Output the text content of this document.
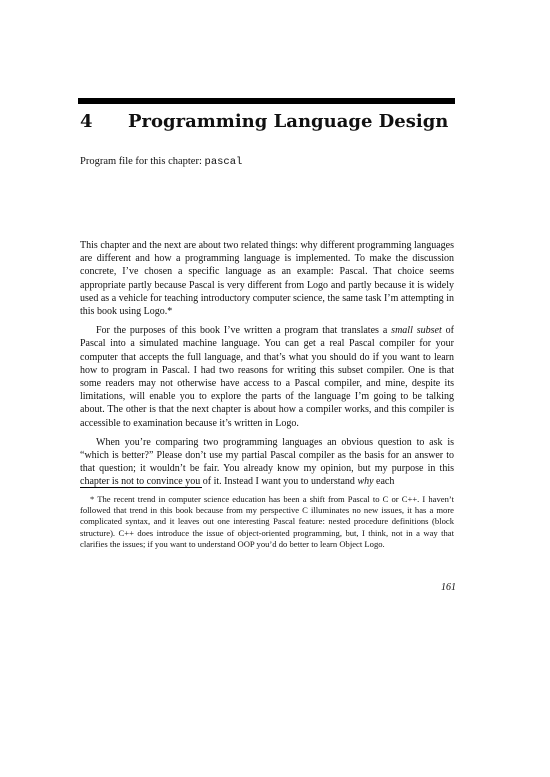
4 Programming Language Design
Program file for this chapter: pascal

This chapter and the next are about two related things: why different programming languages are different and how a programming language is implemented. To make the discussion concrete, I’ve chosen a specific language as an example: Pascal. That choice seems appropriate partly because Pascal is very different from Logo and partly because it is widely used as a vehicle for teaching introductory computer science, the same task I’m attempting in this book using Logo.*

For the purposes of this book I’ve written a program that translates a small subset of Pascal into a simulated machine language. You can get a real Pascal compiler for your computer that accepts the full language, and that’s what you should do if you want to learn how to program in Pascal. I had two reasons for writing this subset compiler. One is that some readers may not otherwise have access to a Pascal compiler, and mine, despite its limitations, will enable you to explore the parts of the language I’m going to be talking about. The other is that the next chapter is about how a compiler works, and this compiler is accessible to examination because it’s written in Logo.

When you’re comparing two programming languages an obvious question to ask is “which is better?” Please don’t use my partial Pascal compiler as the basis for an answer to that question; it wouldn’t be fair. You already know my opinion, but my purpose in this chapter is not to convince you of it. Instead I want you to understand why each

* The recent trend in computer science education has been a shift from Pascal to C or C++. I haven’t followed that trend in this book because from my perspective C illuminates no new issues, it has a more complicated syntax, and it leaves out one interesting Pascal feature: nested procedure definitions (block structure). C++ does introduce the issue of object-oriented programming, but, I think, not in a way that clarifies the issues; if you want to understand OOP you’d do better to learn Object Logo.

161
